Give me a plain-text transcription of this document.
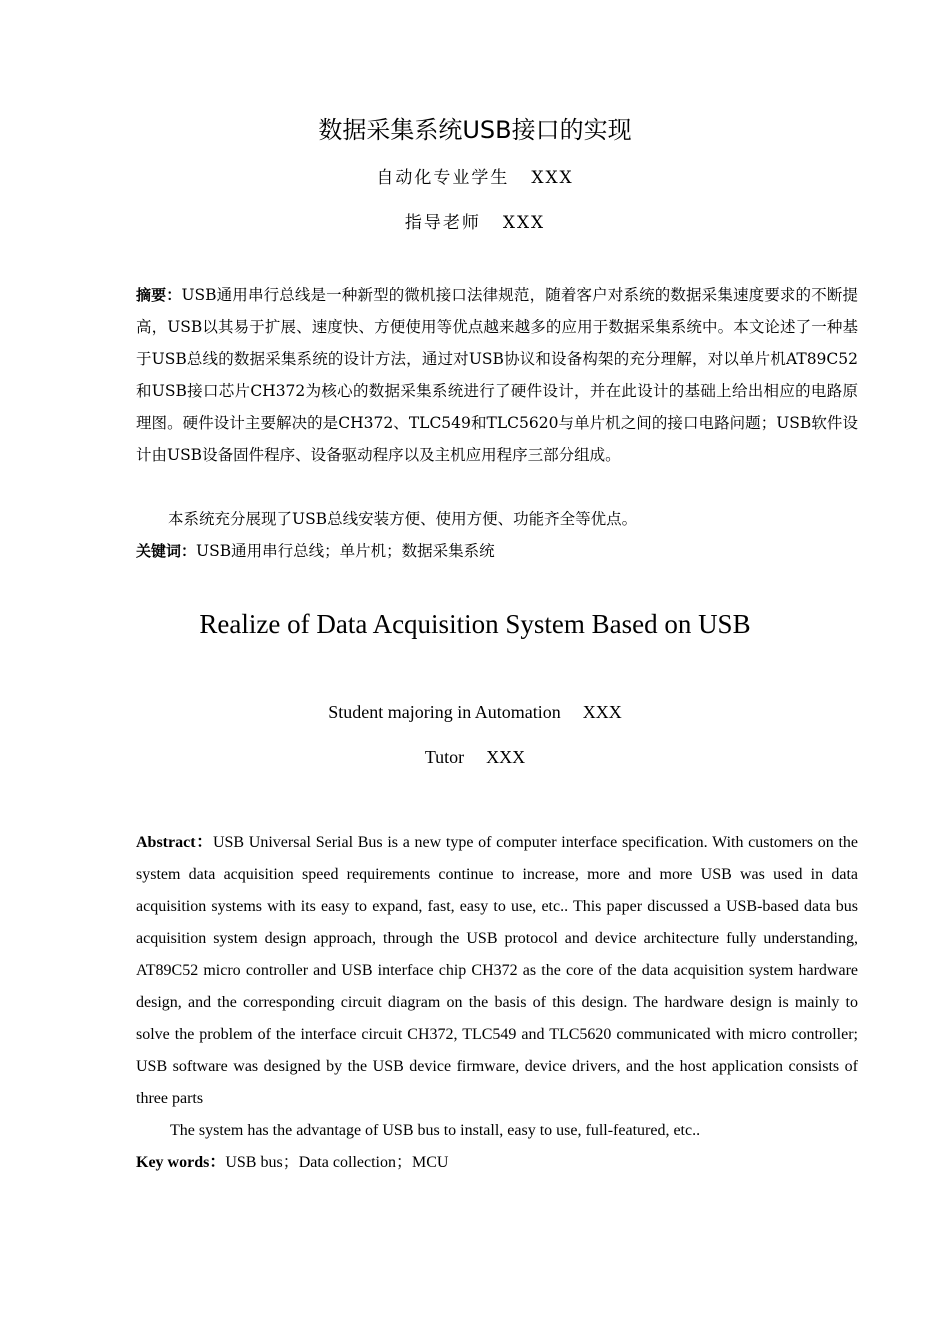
数据采集系统USB接口的实现

自动化专业学生 XXX

指导老师 XXX

摘要：USB通用串行总线是一种新型的微机接口法律规范，随着客户对系统的数据采集速度要求的不断提高，USB以其易于扩展、速度快、方便使用等优点越来越多的应用于数据采集系统中。本文论述了一种基于USB总线的数据采集系统的设计方法，通过对USB协议和设备构架的充分理解，对以单片机AT89C52和USB接口芯片CH372为核心的数据采集系统进行了硬件设计，并在此设计的基础上给出相应的电路原理图。硬件设计主要解决的是CH372、TLC549和TLC5620与单片机之间的接口电路问题；USB软件设计由USB设备固件程序、设备驱动程序以及主机应用程序三部分组成。

本系统充分展现了USB总线安装方便、使用方便、功能齐全等优点。

关键词：USB通用串行总线；单片机；数据采集系统

Realize of Data Acquisition System Based on USB

Student majoring in Automation XXX

Tutor XXX

Abstract：USB Universal Serial Bus is a new type of computer interface specification. With customers on the system data acquisition speed requirements continue to increase, more and more USB was used in data acquisition systems with its easy to expand, fast, easy to use, etc.. This paper discussed a USB-based data bus acquisition system design approach, through the USB protocol and device architecture fully understanding, AT89C52 micro controller and USB interface chip CH372 as the core of the data acquisition system hardware design, and the corresponding circuit diagram on the basis of this design. The hardware design is mainly to solve the problem of the interface circuit CH372, TLC549 and TLC5620 communicated with micro controller; USB software was designed by the USB device firmware, device drivers, and the host application consists of three parts

The system has the advantage of USB bus to install, easy to use, full-featured, etc..

Key words：USB bus；Data collection；MCU
